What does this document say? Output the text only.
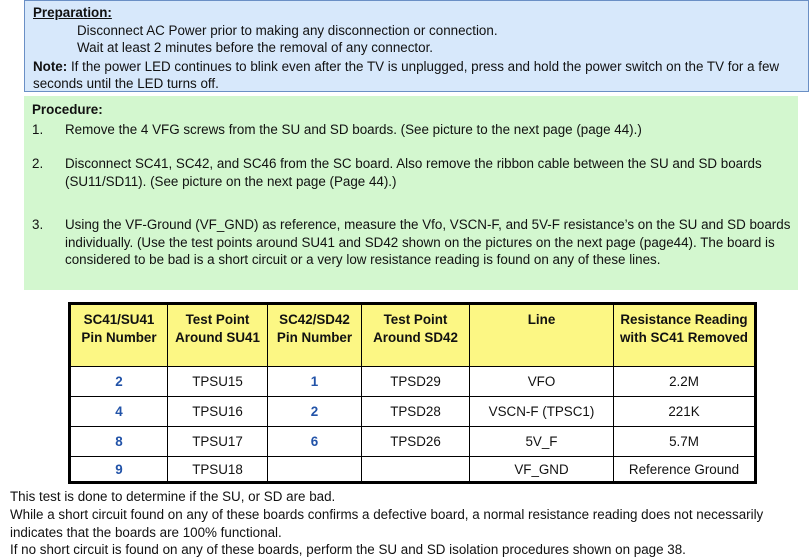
Preparation:
Disconnect AC Power prior to making any disconnection or connection.
Wait at least 2 minutes before the removal of any connector.
Note: If the power LED continues to blink even after the TV is unplugged, press and hold the power switch on the TV for a few seconds until the LED turns off.
Procedure:
1. Remove the 4 VFG screws from the SU and SD boards. (See picture to the next page (page 44).)
2. Disconnect SC41, SC42, and SC46 from the SC board. Also remove the ribbon cable between the SU and SD boards (SU11/SD11). (See picture on the next page (Page 44).)
3. Using the VF-Ground (VF_GND) as reference, measure the Vfo, VSCN-F, and 5V-F resistance’s on the SU and SD boards individually. (Use the test points around SU41 and SD42 shown on the pictures on the next page (page44). The board is considered to be bad is a short circuit or a very low resistance reading is found on any of these lines.
SC41/SU41 Pin Number	Test Point Around SU41	SC42/SD42 Pin Number	Test Point Around SD42	Line	Resistance Reading with SC41 Removed
2	TPSU15	1	TPSD29	VFO	2.2M
4	TPSU16	2	TPSD28	VSCN-F (TPSC1)	221K
8	TPSU17	6	TPSD26	5V_F	5.7M
9	TPSU18			VF_GND	Reference Ground
This test is done to determine if the SU, or SD are bad.
While a short circuit found on any of these boards confirms a defective board, a normal resistance reading does not necessarily indicates that the boards are 100% functional.
If no short circuit is found on any of these boards, perform the SU and SD isolation procedures shown on page 38.
